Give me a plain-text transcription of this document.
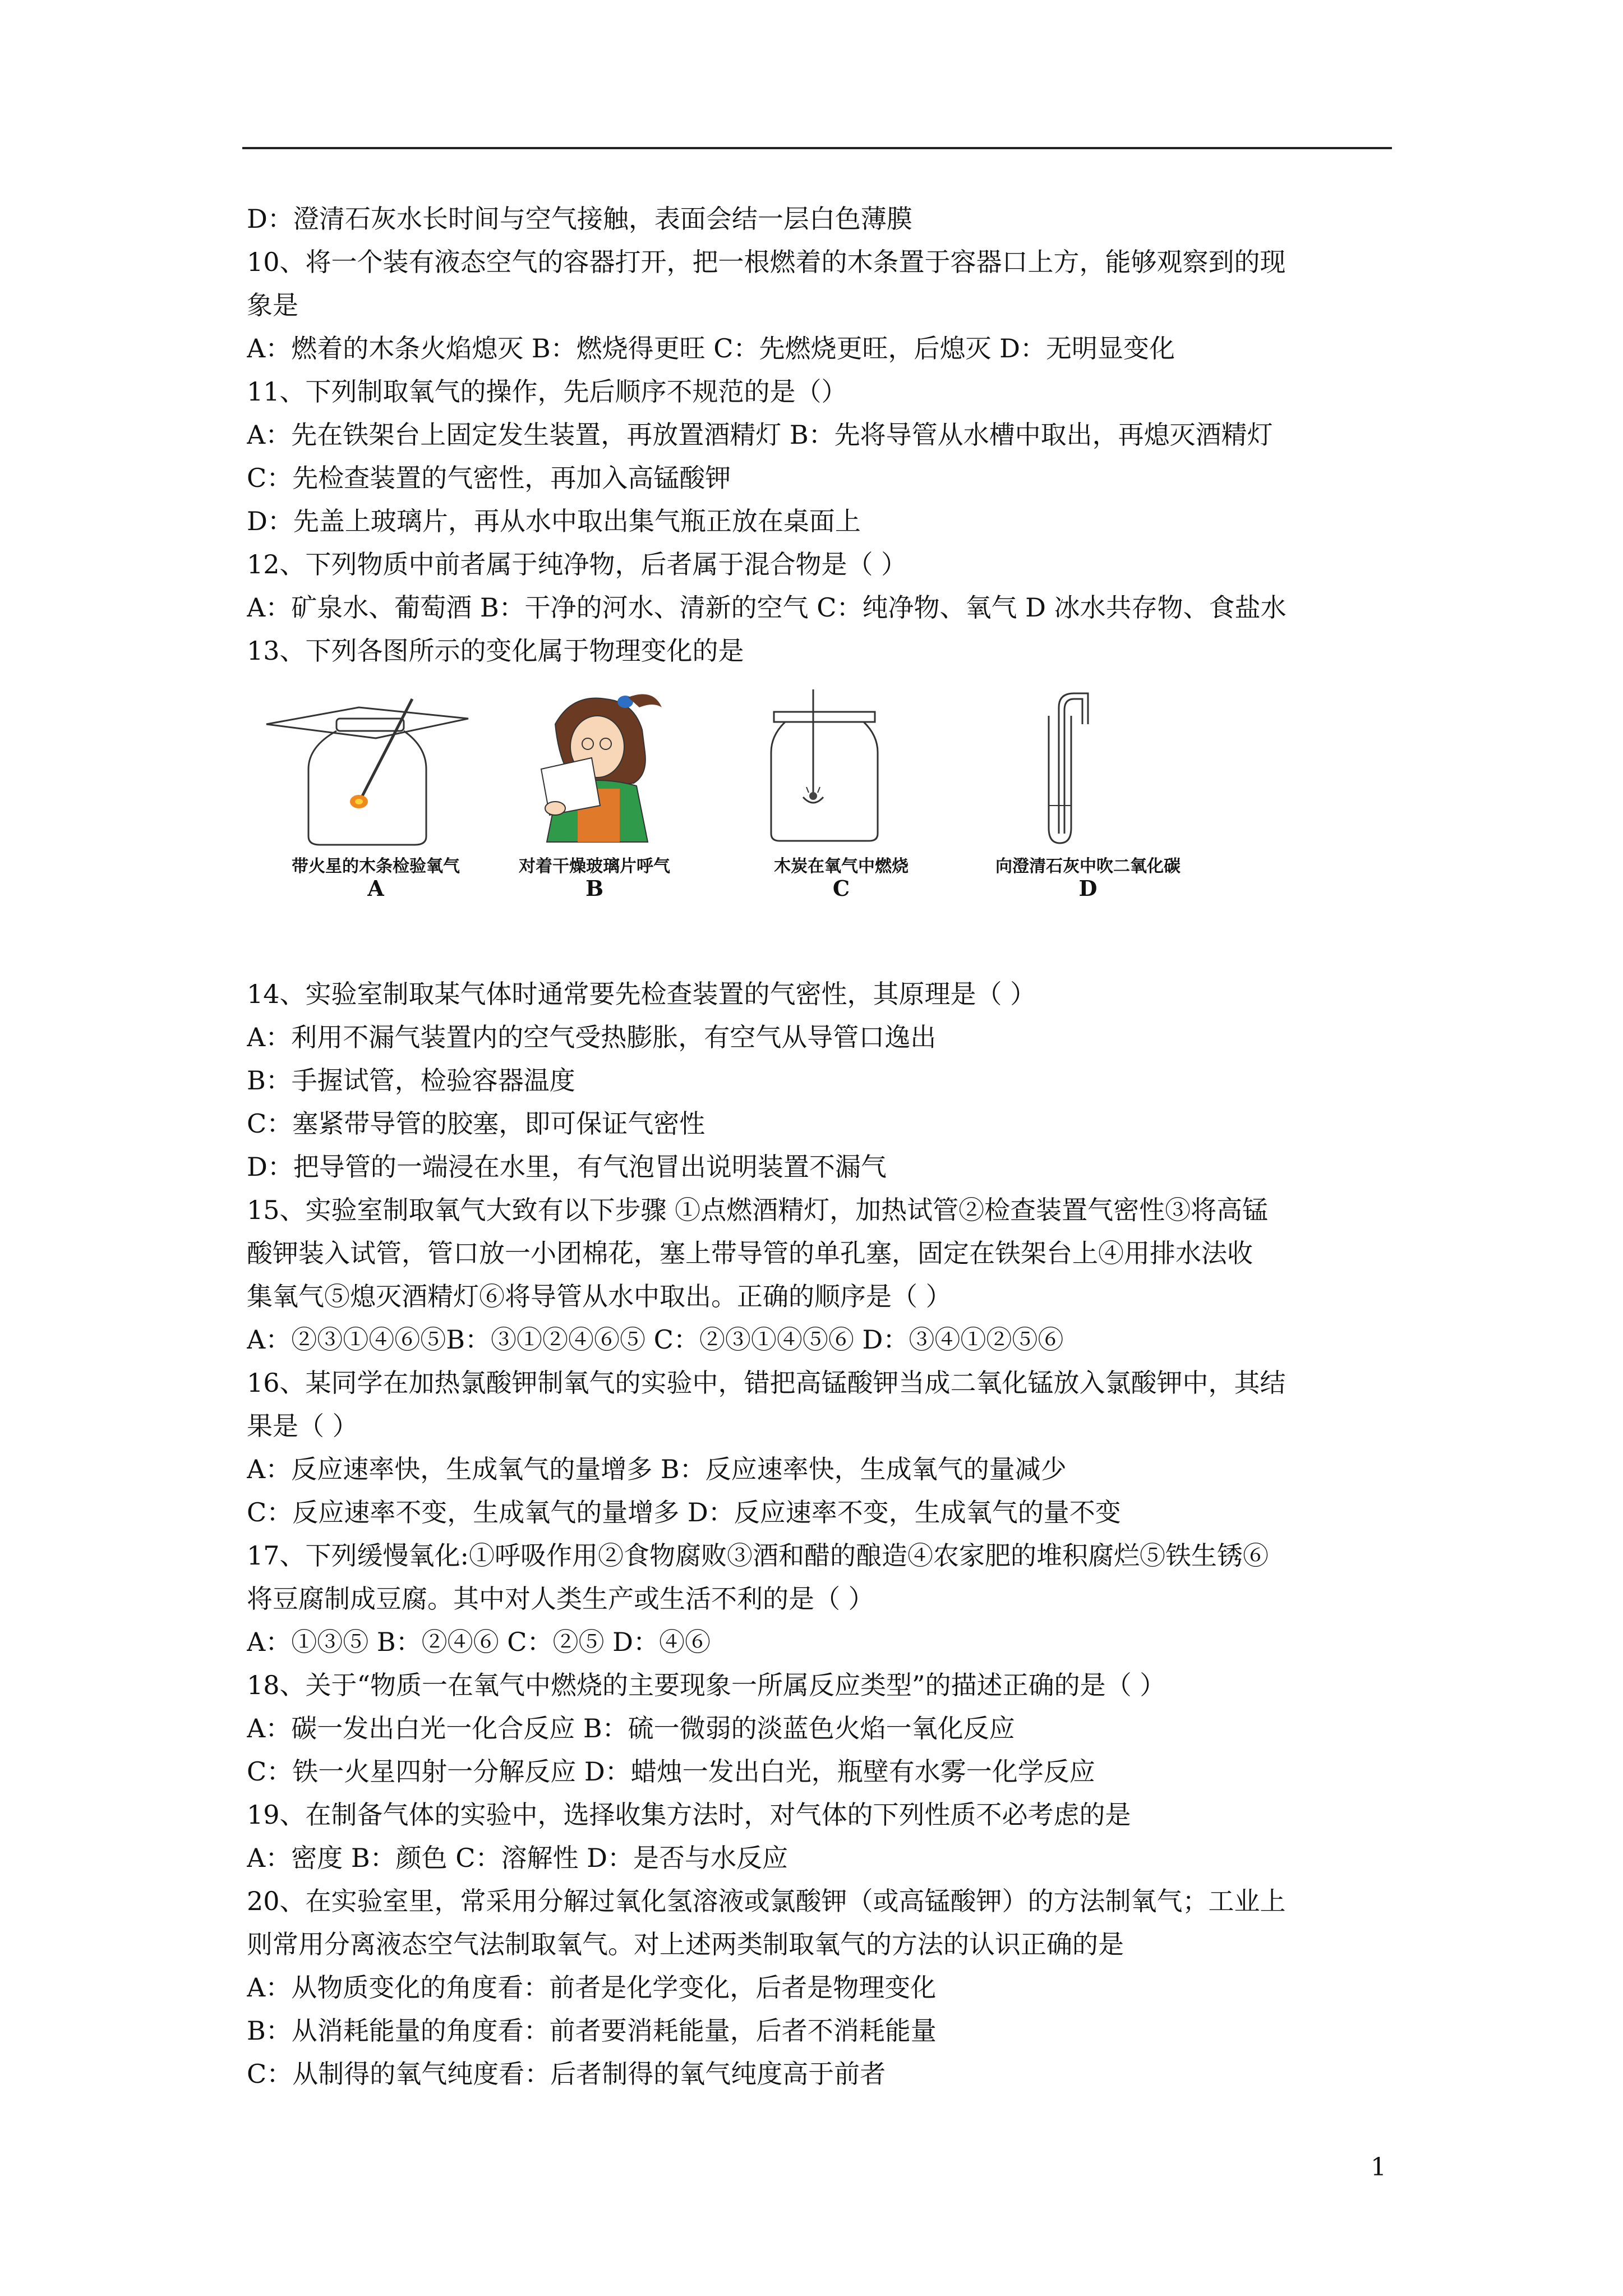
D：澄清石灰水长时间与空气接触，表面会结一层白色薄膜
10、将一个装有液态空气的容器打开，把一根燃着的木条置于容器口上方，能够观察到的现
象是
A：燃着的木条火焰熄灭 B：燃烧得更旺 C：先燃烧更旺，后熄灭 D：无明显变化
11、下列制取氧气的操作，先后顺序不规范的是（）
A：先在铁架台上固定发生装置，再放置酒精灯 B：先将导管从水槽中取出，再熄灭酒精灯
C：先检查装置的气密性，再加入高锰酸钾
D：先盖上玻璃片，再从水中取出集气瓶正放在桌面上
12、下列物质中前者属于纯净物，后者属于混合物是（ ）
A：矿泉水、葡萄酒 B：干净的河水、清新的空气 C：纯净物、氧气 D 冰水共存物、食盐水
13、下列各图所示的变化属于物理变化的是
带火星的木条检验氧气
A
对着干燥玻璃片呼气
B
木炭在氧气中燃烧
C
向澄清石灰中吹二氧化碳
D
14、实验室制取某气体时通常要先检查装置的气密性，其原理是（ ）
A：利用不漏气装置内的空气受热膨胀，有空气从导管口逸出
B：手握试管，检验容器温度
C：塞紧带导管的胶塞，即可保证气密性
D：把导管的一端浸在水里，有气泡冒出说明装置不漏气
15、实验室制取氧气大致有以下步骤 ①点燃酒精灯，加热试管②检查装置气密性③将高锰
酸钾装入试管，管口放一小团棉花，塞上带导管的单孔塞，固定在铁架台上④用排水法收
集氧气⑤熄灭酒精灯⑥将导管从水中取出。正确的顺序是（ ）
A：②③①④⑥⑤B：③①②④⑥⑤ C：②③①④⑤⑥ D：③④①②⑤⑥
16、某同学在加热氯酸钾制氧气的实验中，错把高锰酸钾当成二氧化锰放入氯酸钾中，其结
果是（ ）
A：反应速率快，生成氧气的量增多 B：反应速率快，生成氧气的量减少
C：反应速率不变，生成氧气的量增多 D：反应速率不变，生成氧气的量不变
17、下列缓慢氧化:①呼吸作用②食物腐败③酒和醋的酿造④农家肥的堆积腐烂⑤铁生锈⑥
将豆腐制成豆腐。其中对人类生产或生活不利的是（ ）
A：①③⑤ B：②④⑥ C：②⑤ D：④⑥
18、关于“物质一在氧气中燃烧的主要现象一所属反应类型”的描述正确的是（ ）
A：碳一发出白光一化合反应 B：硫一微弱的淡蓝色火焰一氧化反应
C：铁一火星四射一分解反应 D：蜡烛一发出白光，瓶壁有水雾一化学反应
19、在制备气体的实验中，选择收集方法时，对气体的下列性质不必考虑的是
A：密度 B：颜色 C：溶解性 D：是否与水反应
20、在实验室里，常采用分解过氧化氢溶液或氯酸钾（或高锰酸钾）的方法制氧气；工业上
则常用分离液态空气法制取氧气。对上述两类制取氧气的方法的认识正确的是
A：从物质变化的角度看：前者是化学变化，后者是物理变化
B：从消耗能量的角度看：前者要消耗能量，后者不消耗能量
C：从制得的氧气纯度看：后者制得的氧气纯度高于前者
1
